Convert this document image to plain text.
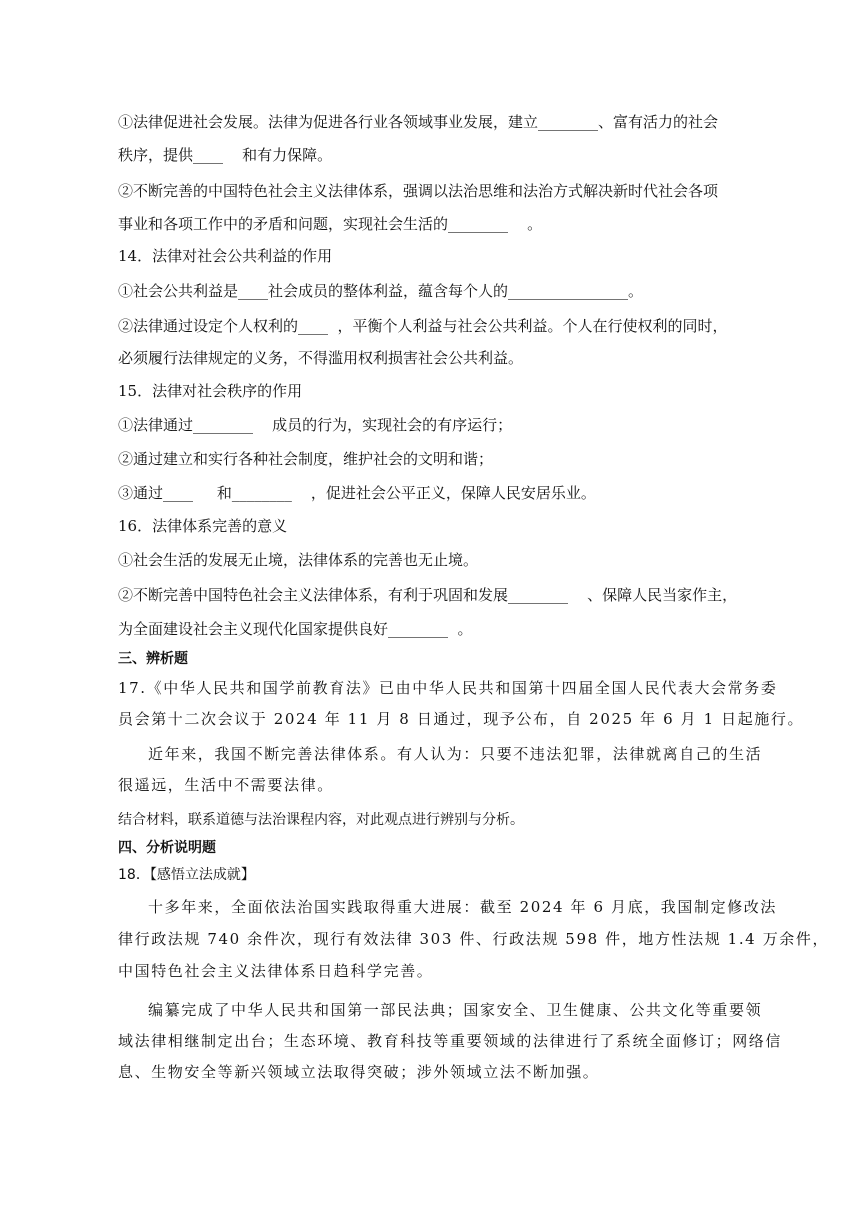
①法律促进社会发展。法律为促进各行业各领域事业发展，建立________、富有活力的社会
秩序，提供____    和有力保障。
②不断完善的中国特色社会主义法律体系，强调以法治思维和法治方式解决新时代社会各项
事业和各项工作中的矛盾和问题，实现社会生活的________    。
14．法律对社会公共利益的作用
①社会公共利益是____社会成员的整体利益，蕴含每个人的________________。
②法律通过设定个人权利的____  ，平衡个人利益与社会公共利益。个人在行使权利的同时，
必须履行法律规定的义务，不得滥用权利损害社会公共利益。
15．法律对社会秩序的作用
①法律通过________    成员的行为，实现社会的有序运行；
②通过建立和实行各种社会制度，维护社会的文明和谐；
③通过____     和________    ，促进社会公平正义，保障人民安居乐业。
16．法律体系完善的意义
①社会生活的发展无止境，法律体系的完善也无止境。
②不断完善中国特色社会主义法律体系，有利于巩固和发展________    、保障人民当家作主，
为全面建设社会主义现代化国家提供良好________  。
三、辨析题
17.《中华人民共和国学前教育法》已由中华人民共和国第十四届全国人民代表大会常务委
员会第十二次会议于 2024 年 11 月 8 日通过，现予公布，自 2025 年 6 月 1 日起施行。
近年来，我国不断完善法律体系。有人认为：只要不违法犯罪，法律就离自己的生活
很遥远，生活中不需要法律。
结合材料，联系道德与法治课程内容，对此观点进行辨别与分析。
四、分析说明题
18．【感悟立法成就】
十多年来，全面依法治国实践取得重大进展：截至 2024 年 6 月底，我国制定修改法
律行政法规 740 余件次，现行有效法律 303 件、行政法规 598 件，地方性法规 1.4 万余件，
中国特色社会主义法律体系日趋科学完善。
编纂完成了中华人民共和国第一部民法典；国家安全、卫生健康、公共文化等重要领
域法律相继制定出台；生态环境、教育科技等重要领域的法律进行了系统全面修订；网络信
息、生物安全等新兴领域立法取得突破；涉外领域立法不断加强。
